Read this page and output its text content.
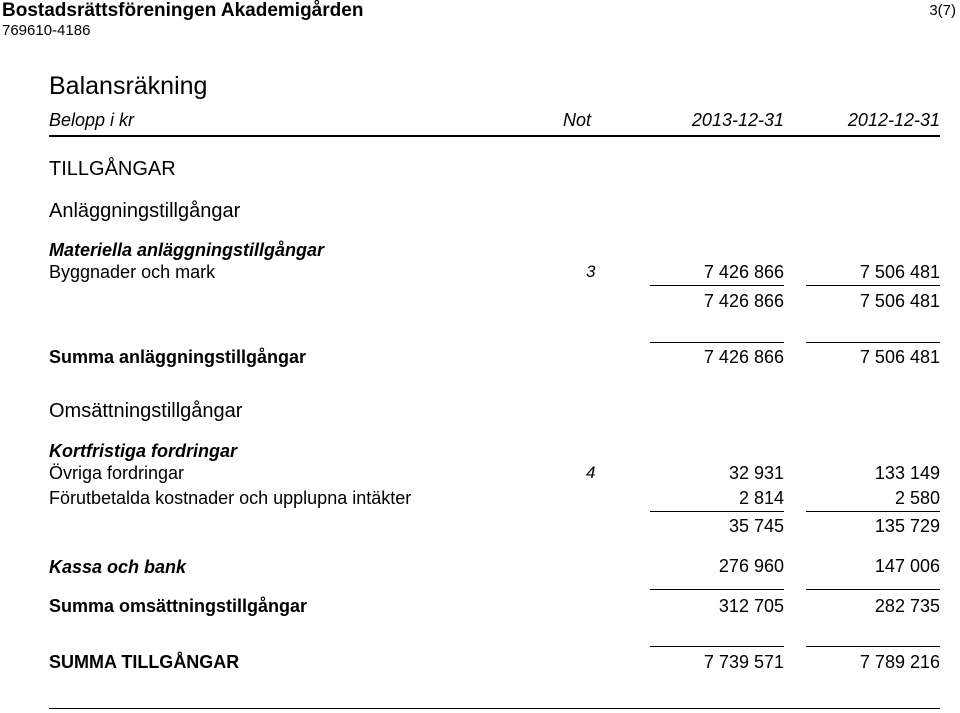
Bostadsrättsföreningen Akademigården
769610-4186
3(7)
Balansräkning
Belopp i kr	Not	2013-12-31	2012-12-31
TILLGÅNGAR
Anläggningstillgångar
Materiella anläggningstillgångar
Byggnader och mark	3	7 426 866	7 506 481
7 426 866	7 506 481
Summa anläggningstillgångar	7 426 866	7 506 481
Omsättningstillgångar
Kortfristiga fordringar
Övriga fordringar	4	32 931	133 149
Förutbetalda kostnader och upplupna intäkter	2 814	2 580
35 745	135 729
Kassa och bank	276 960	147 006
Summa omsättningstillgångar	312 705	282 735
SUMMA TILLGÅNGAR	7 739 571	7 789 216
